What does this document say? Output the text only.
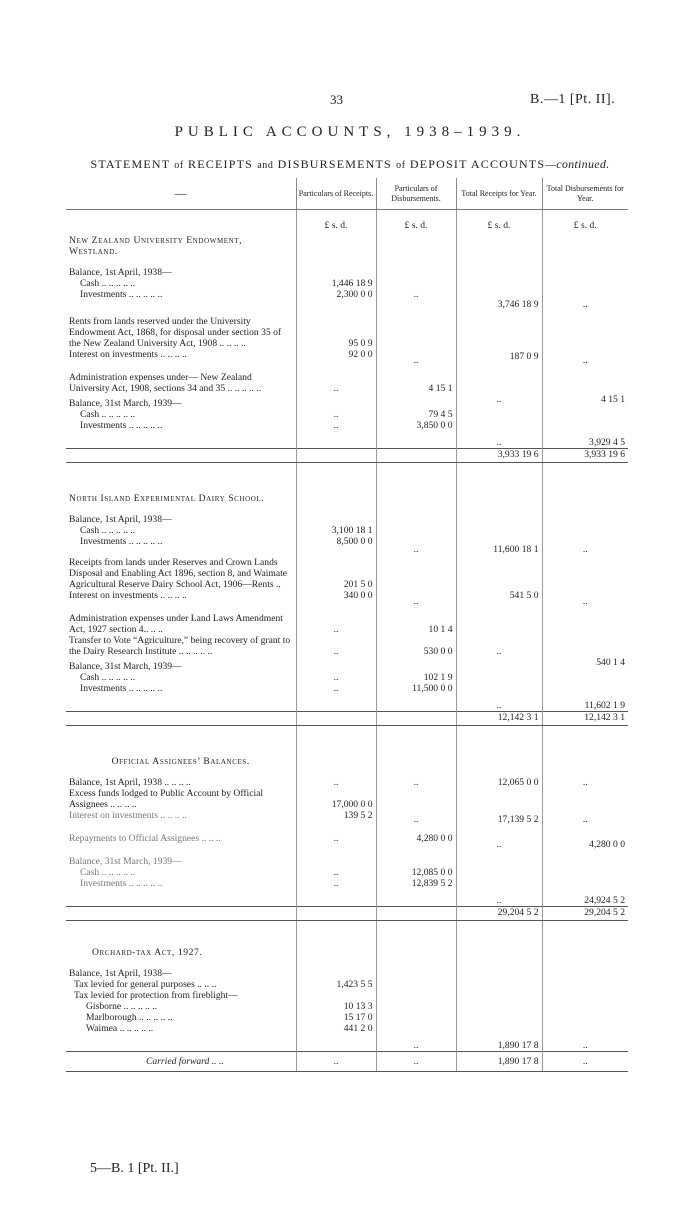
33	B.—1 [Pt. II].
PUBLIC ACCOUNTS, 1938–1939.
STATEMENT of RECEIPTS and DISBURSEMENTS of DEPOSIT ACCOUNTS—continued.
—	Particulars of Receipts.	Particulars of Disbursements.	Total Receipts for Year.	Total Disbursements for Year.
	£ s. d.	£ s. d.	£ s. d.	£ s. d.
New Zealand University Endowment, Westland.				
Balance, 1st April, 1938—				
Cash .. .. .. .. ..	1,446 18 9			
Investments .. .. .. .. ..	2,300 0 0	..	3,746 18 9	..
Rents from lands reserved under the University Endowment Act, 1868, for disposal under section 35 of the New Zealand University Act, 1908 .. .. .. ..	95 0 9			
Interest on investments .. .. .. ..	92 0 0	..	187 0 9	..
Administration expenses under— New Zealand University Act, 1908, sections 34 and 35 .. .. .. .. ..	..	4 15 1		
Balance, 31st March, 1939—			..	4 15 1
Cash .. .. .. .. ..	..	79 4 5		
Investments .. .. .. .. ..	..	3,850 0 0		
			..	3,929 4 5
			3,933 19 6	3,933 19 6
North Island Experimental Dairy School.				
Balance, 1st April, 1938—				
Cash .. .. .. .. ..	3,100 18 1			
Investments .. .. .. .. ..	8,500 0 0	..	11,600 18 1	..
Receipts from lands under Reserves and Crown Lands Disposal and Enabling Act 1896, section 8, and Waimate Agricultural Reserve Dairy School Act, 1906—Rents ..	201 5 0			
Interest on investments .. .. .. ..	340 0 0	..	541 5 0	..
Administration expenses under Land Laws Amendment Act, 1927 section 4.. .. ..	..	10 1 4		
Transfer to Vote “Agriculture,” being recovery of grant to the Dairy Research Institute .. .. .. .. ..	..	530 0 0	..	
Balance, 31st March, 1939—				540 1 4
Cash .. .. .. .. ..	..	102 1 9		
Investments .. .. .. .. ..	..	11,500 0 0		
			..	11,602 1 9
			12,142 3 1	12,142 3 1
Official Assignees’ Balances.				
Balance, 1st April, 1938 .. .. .. ..	..	..	12,065 0 0	..
Excess funds lodged to Public Account by Official Assignees .. .. .. ..	17,000 0 0			
Interest on investments .. .. .. ..	139 5 2	..	17,139 5 2	..
Repayments to Official Assignees .. .. ..	..	4,280 0 0	..	4,280 0 0
Balance, 31st March, 1939—				
Cash .. .. .. .. ..	..	12,085 0 0		
Investments .. .. .. .. ..	..	12,839 5 2		
			..	24,924 5 2
			29,204 5 2	29,204 5 2
Orchard-tax Act, 1927.				
Balance, 1st April, 1938—				
Tax levied for general purposes .. .. ..	1,423 5 5			
Tax levied for protection from fireblight—				
Gisborne .. .. .. .. ..	10 13 3			
Marlborough .. .. .. .. ..	15 17 0			
Waimea .. .. .. .. ..	441 2 0			
		..	1,890 17 8	..
Carried forward .. ..	..	..	1,890 17 8	..
5—B. 1 [Pt. II.]
